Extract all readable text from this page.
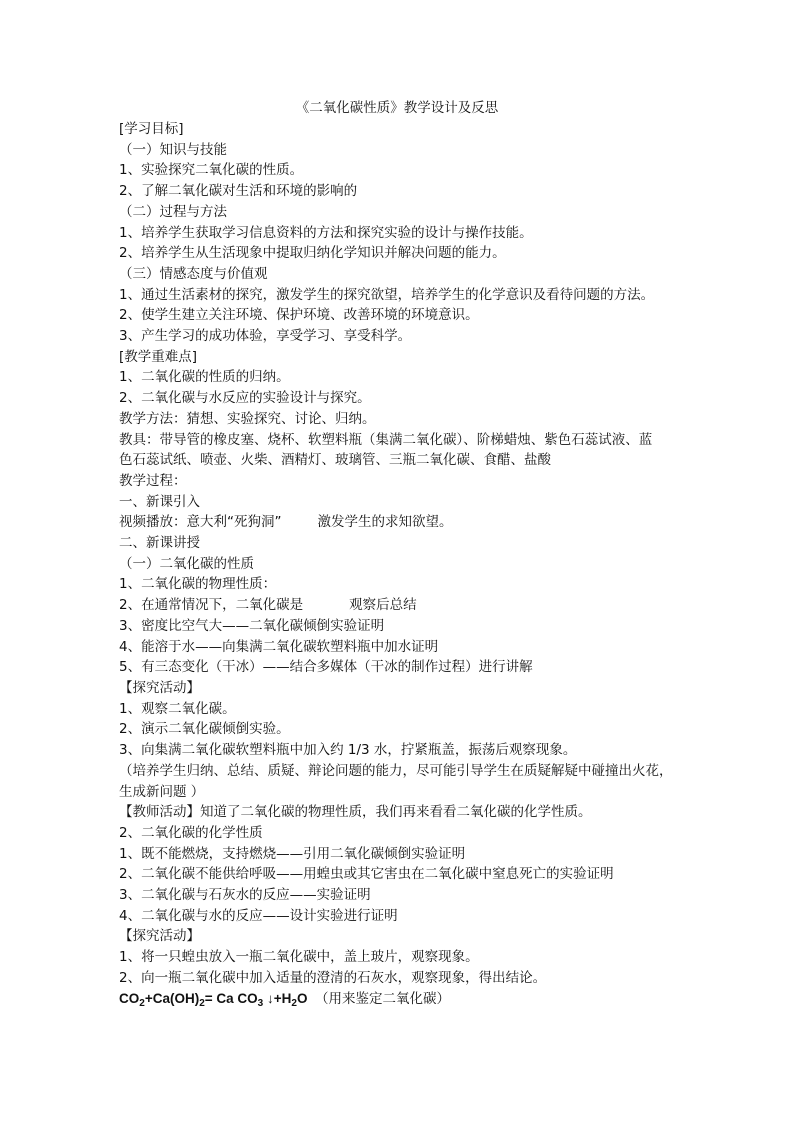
《二氧化碳性质》教学设计及反思
[学习目标]
（一）知识与技能
1、实验探究二氧化碳的性质。
2、了解二氧化碳对生活和环境的影响的
（二）过程与方法
1、培养学生获取学习信息资料的方法和探究实验的设计与操作技能。
2、培养学生从生活现象中提取归纳化学知识并解决问题的能力。
（三）情感态度与价值观
1、通过生活素材的探究，激发学生的探究欲望，培养学生的化学意识及看待问题的方法。
2、使学生建立关注环境、保护环境、改善环境的环境意识。
3、产生学习的成功体验，享受学习、享受科学。
[教学重难点]
1、二氧化碳的性质的归纳。
2、二氧化碳与水反应的实验设计与探究。
教学方法：猜想、实验探究、讨论、归纳。
教具：带导管的橡皮塞、烧杯、软塑料瓶（集满二氧化碳）、阶梯蜡烛、紫色石蕊试液、蓝
色石蕊试纸、喷壶、火柴、酒精灯、玻璃管、三瓶二氧化碳、食醋、盐酸
教学过程：
一、新课引入
视频播放：意大利“死狗洞”	激发学生的求知欲望。
二、新课讲授
（一）二氧化碳的性质
1、二氧化碳的物理性质：
2、在通常情况下，二氧化碳是	观察后总结
3、密度比空气大——二氧化碳倾倒实验证明
4、能溶于水——向集满二氧化碳软塑料瓶中加水证明
5、有三态变化（干冰）——结合多媒体（干冰的制作过程）进行讲解
【探究活动】
1、观察二氧化碳。
2、演示二氧化碳倾倒实验。
3、向集满二氧化碳软塑料瓶中加入约 1/3 水，拧紧瓶盖，振荡后观察现象。
（培养学生归纳、总结、质疑、辩论问题的能力，尽可能引导学生在质疑解疑中碰撞出火花，
生成新问题 ）
【教师活动】知道了二氧化碳的物理性质，我们再来看看二氧化碳的化学性质。
2、二氧化碳的化学性质
1、既不能燃烧，支持燃烧——引用二氧化碳倾倒实验证明
2、二氧化碳不能供给呼吸——用蝗虫或其它害虫在二氧化碳中窒息死亡的实验证明
3、二氧化碳与石灰水的反应——实验证明
4、二氧化碳与水的反应——设计实验进行证明
【探究活动】
1、将一只蝗虫放入一瓶二氧化碳中，盖上玻片，观察现象。
2、向一瓶二氧化碳中加入适量的澄清的石灰水，观察现象，得出结论。
$CO_2+Ca(OH)_2= Ca$ $CO_3$ $↓+H_2O$ （用来鉴定二氧化碳）
